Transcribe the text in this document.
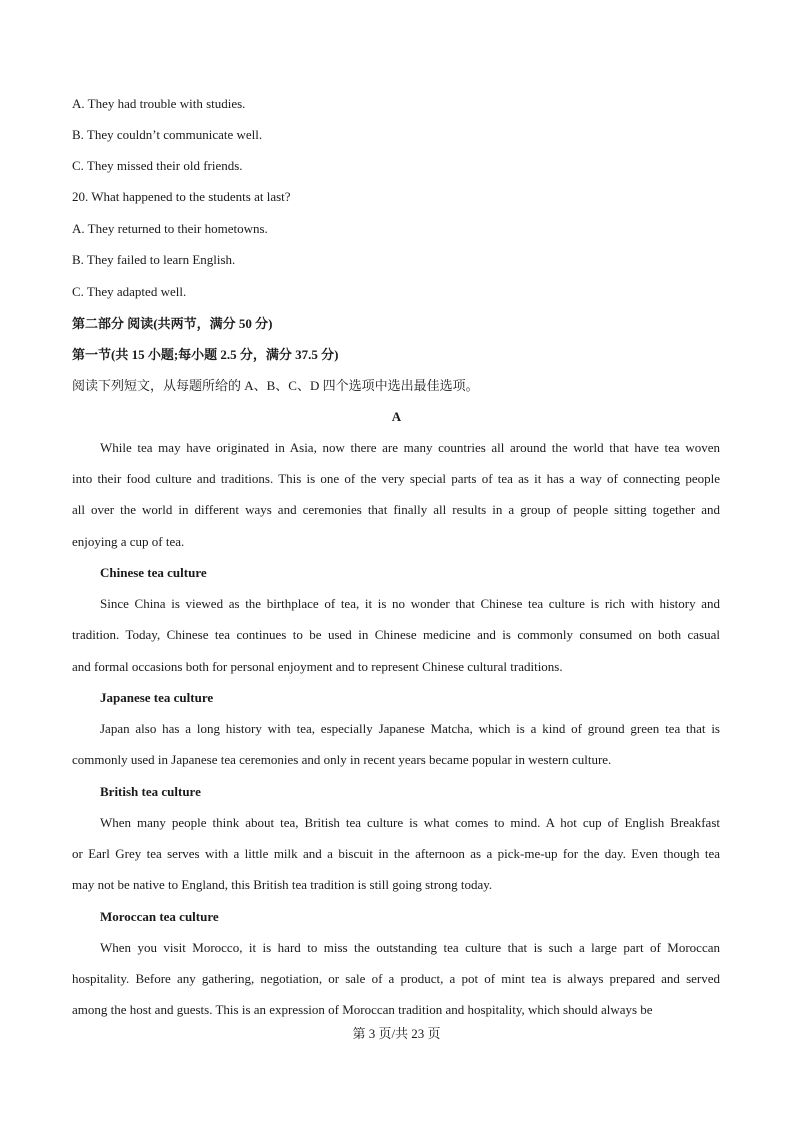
A. They had trouble with studies.
B. They couldn’t communicate well.
C. They missed their old friends.
20. What happened to the students at last?
A. They returned to their hometowns.
B. They failed to learn English.
C. They adapted well.
第二部分 阅读(共两节，满分 50 分)
第一节(共 15 小题;每小题 2.5 分，满分 37.5 分)
阅读下列短文，从每题所给的 A、B、C、D 四个选项中选出最佳选项。
A
While tea may have originated in Asia, now there are many countries all around the world that have tea woven
into their food culture and traditions. This is one of the very special parts of tea as it has a way of connecting people
all over the world in different ways and ceremonies that finally all results in a group of people sitting together and
enjoying a cup of tea.
Chinese tea culture
Since China is viewed as the birthplace of tea, it is no wonder that Chinese tea culture is rich with history and
tradition. Today, Chinese tea continues to be used in Chinese medicine and is commonly consumed on both casual
and formal occasions both for personal enjoyment and to represent Chinese cultural traditions.
Japanese tea culture
Japan also has a long history with tea, especially Japanese Matcha, which is a kind of ground green tea that is
commonly used in Japanese tea ceremonies and only in recent years became popular in western culture.
British tea culture
When many people think about tea, British tea culture is what comes to mind. A hot cup of English Breakfast
or Earl Grey tea serves with a little milk and a biscuit in the afternoon as a pick-me-up for the day. Even though tea
may not be native to England, this British tea tradition is still going strong today.
Moroccan tea culture
When you visit Morocco, it is hard to miss the outstanding tea culture that is such a large part of Moroccan
hospitality. Before any gathering, negotiation, or sale of a product, a pot of mint tea is always prepared and served
among the host and guests. This is an expression of Moroccan tradition and hospitality, which should always be
第 3 页/共 23 页
